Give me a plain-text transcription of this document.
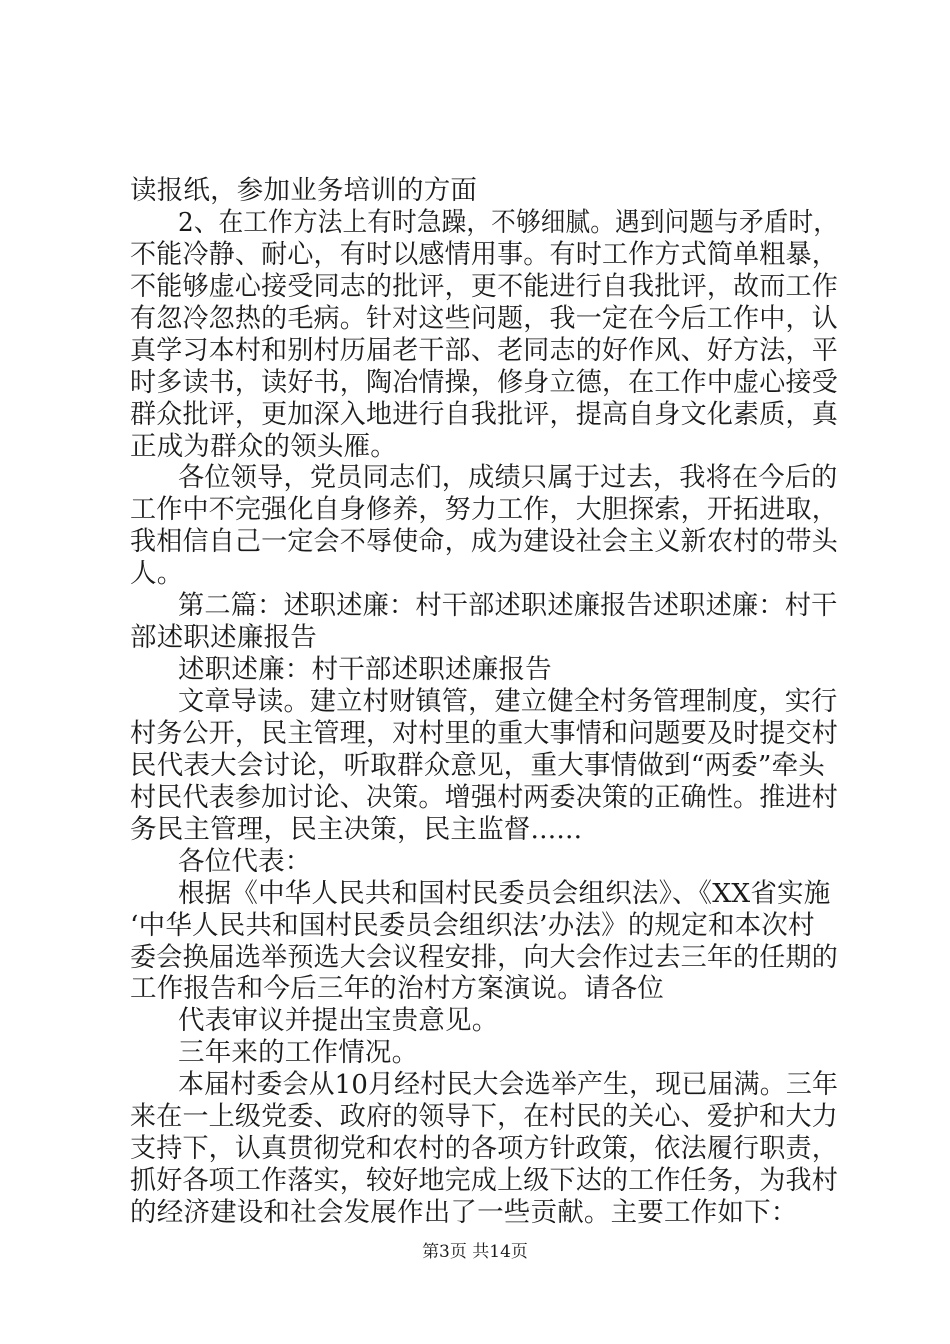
读报纸，参加业务培训的方面
2、在工作方法上有时急躁，不够细腻。遇到问题与矛盾时，
不能冷静、耐心，有时以感情用事。有时工作方式简单粗暴，
不能够虚心接受同志的批评，更不能进行自我批评，故而工作
有忽冷忽热的毛病。针对这些问题，我一定在今后工作中，认
真学习本村和别村历届老干部、老同志的好作风、好方法，平
时多读书，读好书，陶冶情操，修身立德，在工作中虚心接受
群众批评，更加深入地进行自我批评，提高自身文化素质，真
正成为群众的领头雁。
各位领导，党员同志们，成绩只属于过去，我将在今后的
工作中不完强化自身修养，努力工作，大胆探索，开拓进取，
我相信自己一定会不辱使命，成为建设社会主义新农村的带头
人。
第二篇：述职述廉：村干部述职述廉报告述职述廉：村干
部述职述廉报告
述职述廉：村干部述职述廉报告
文章导读。建立村财镇管，建立健全村务管理制度，实行
村务公开，民主管理，对村里的重大事情和问题要及时提交村
民代表大会讨论，听取群众意见，重大事情做到“两委”牵头
村民代表参加讨论、决策。增强村两委决策的正确性。推进村
务民主管理，民主决策，民主监督......
各位代表：
根据《中华人民共和国村民委员会组织法》、《XX省实施
‘中华人民共和国村民委员会组织法’办法》的规定和本次村
委会换届选举预选大会议程安排，向大会作过去三年的任期的
工作报告和今后三年的治村方案演说。请各位
代表审议并提出宝贵意见。
三年来的工作情况。
本届村委会从10月经村民大会选举产生，现已届满。三年
来在一上级党委、政府的领导下，在村民的关心、爱护和大力
支持下，认真贯彻党和农村的各项方针政策，依法履行职责，
抓好各项工作落实，较好地完成上级下达的工作任务，为我村
的经济建设和社会发展作出了一些贡献。主要工作如下：
第3页 共14页
